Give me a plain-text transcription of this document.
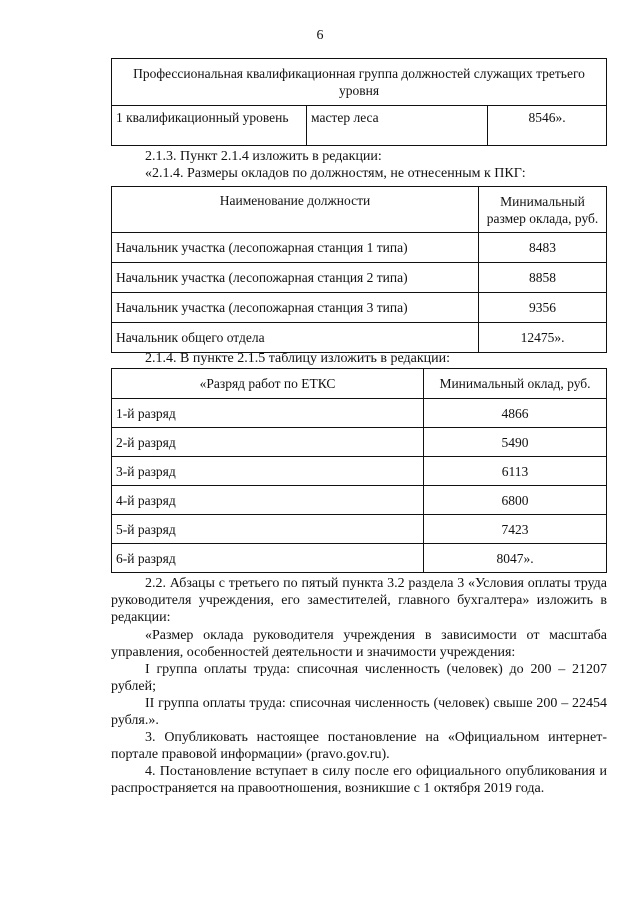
6
Профессиональная квалификационная группа должностей служащих третьего уровня
1 квалификационный уровень	мастер леса	8546».
2.1.3. Пункт 2.1.4 изложить в редакции:
«2.1.4. Размеры окладов по должностям, не отнесенным к ПКГ:
Наименование должности	Минимальный размер оклада, руб.
Начальник участка (лесопожарная станция 1 типа)	8483
Начальник участка (лесопожарная станция 2 типа)	8858
Начальник участка (лесопожарная станция 3 типа)	9356
Начальник общего отдела	12475».
2.1.4. В пункте 2.1.5 таблицу изложить в редакции:
«Разряд работ по ЕТКС	Минимальный оклад, руб.
1-й разряд	4866
2-й разряд	5490
3-й разряд	6113
4-й разряд	6800
5-й разряд	7423
6-й разряд	8047».
2.2. Абзацы с третьего по пятый пункта 3.2 раздела 3 «Условия оплаты труда руководителя учреждения, его заместителей, главного бухгалтера» изложить в редакции:
«Размер оклада руководителя учреждения в зависимости от масштаба управления, особенностей деятельности и значимости учреждения:
I группа оплаты труда: списочная численность (человек) до 200 – 21207 рублей;
II группа оплаты труда: списочная численность (человек) свыше 200 – 22454 рубля.».
3. Опубликовать настоящее постановление на «Официальном интернет-портале правовой информации» (pravo.gov.ru).
4. Постановление вступает в силу после его официального опубликования и распространяется на правоотношения, возникшие с 1 октября 2019 года.
